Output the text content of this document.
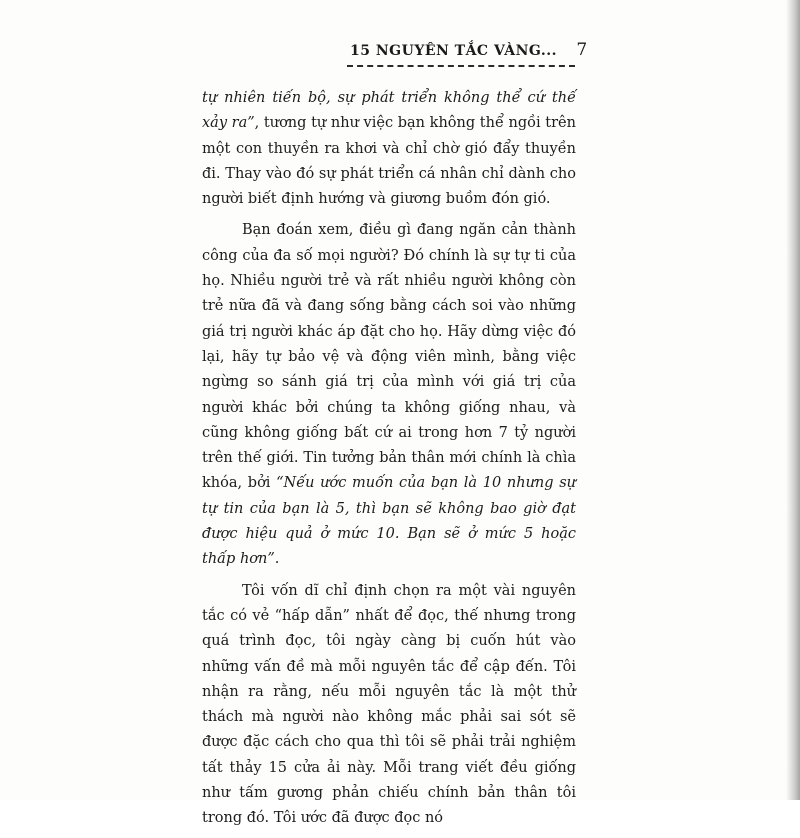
15 NGUYÊN TẮC VÀNG... 7

tự nhiên tiến bộ, sự phát triển không thể cứ thế xảy ra”, tương tự như việc bạn không thể ngồi trên một con thuyền ra khơi và chỉ chờ gió đẩy thuyền đi. Thay vào đó sự phát triển cá nhân chỉ dành cho người biết định hướng và giương buồm đón gió.

Bạn đoán xem, điều gì đang ngăn cản thành công của đa số mọi người? Đó chính là sự tự ti của họ. Nhiều người trẻ và rất nhiều người không còn trẻ nữa đã và đang sống bằng cách soi vào những giá trị người khác áp đặt cho họ. Hãy dừng việc đó lại, hãy tự bảo vệ và động viên mình, bằng việc ngừng so sánh giá trị của mình với giá trị của người khác bởi chúng ta không giống nhau, và cũng không giống bất cứ ai trong hơn 7 tỷ người trên thế giới. Tin tưởng bản thân mới chính là chìa khóa, bởi “Nếu ước muốn của bạn là 10 nhưng sự tự tin của bạn là 5, thì bạn sẽ không bao giờ đạt được hiệu quả ở mức 10. Bạn sẽ ở mức 5 hoặc thấp hơn”.

Tôi vốn dĩ chỉ định chọn ra một vài nguyên tắc có vẻ “hấp dẫn” nhất để đọc, thế nhưng trong quá trình đọc, tôi ngày càng bị cuốn hút vào những vấn đề mà mỗi nguyên tắc để cập đến. Tôi nhận ra rằng, nếu mỗi nguyên tắc là một thử thách mà người nào không mắc phải sai sót sẽ được đặc cách cho qua thì tôi sẽ phải trải nghiệm tất thảy 15 cửa ải này. Mỗi trang viết đều giống như tấm gương phản chiếu chính bản thân tôi trong đó. Tôi ước đã được đọc nó
